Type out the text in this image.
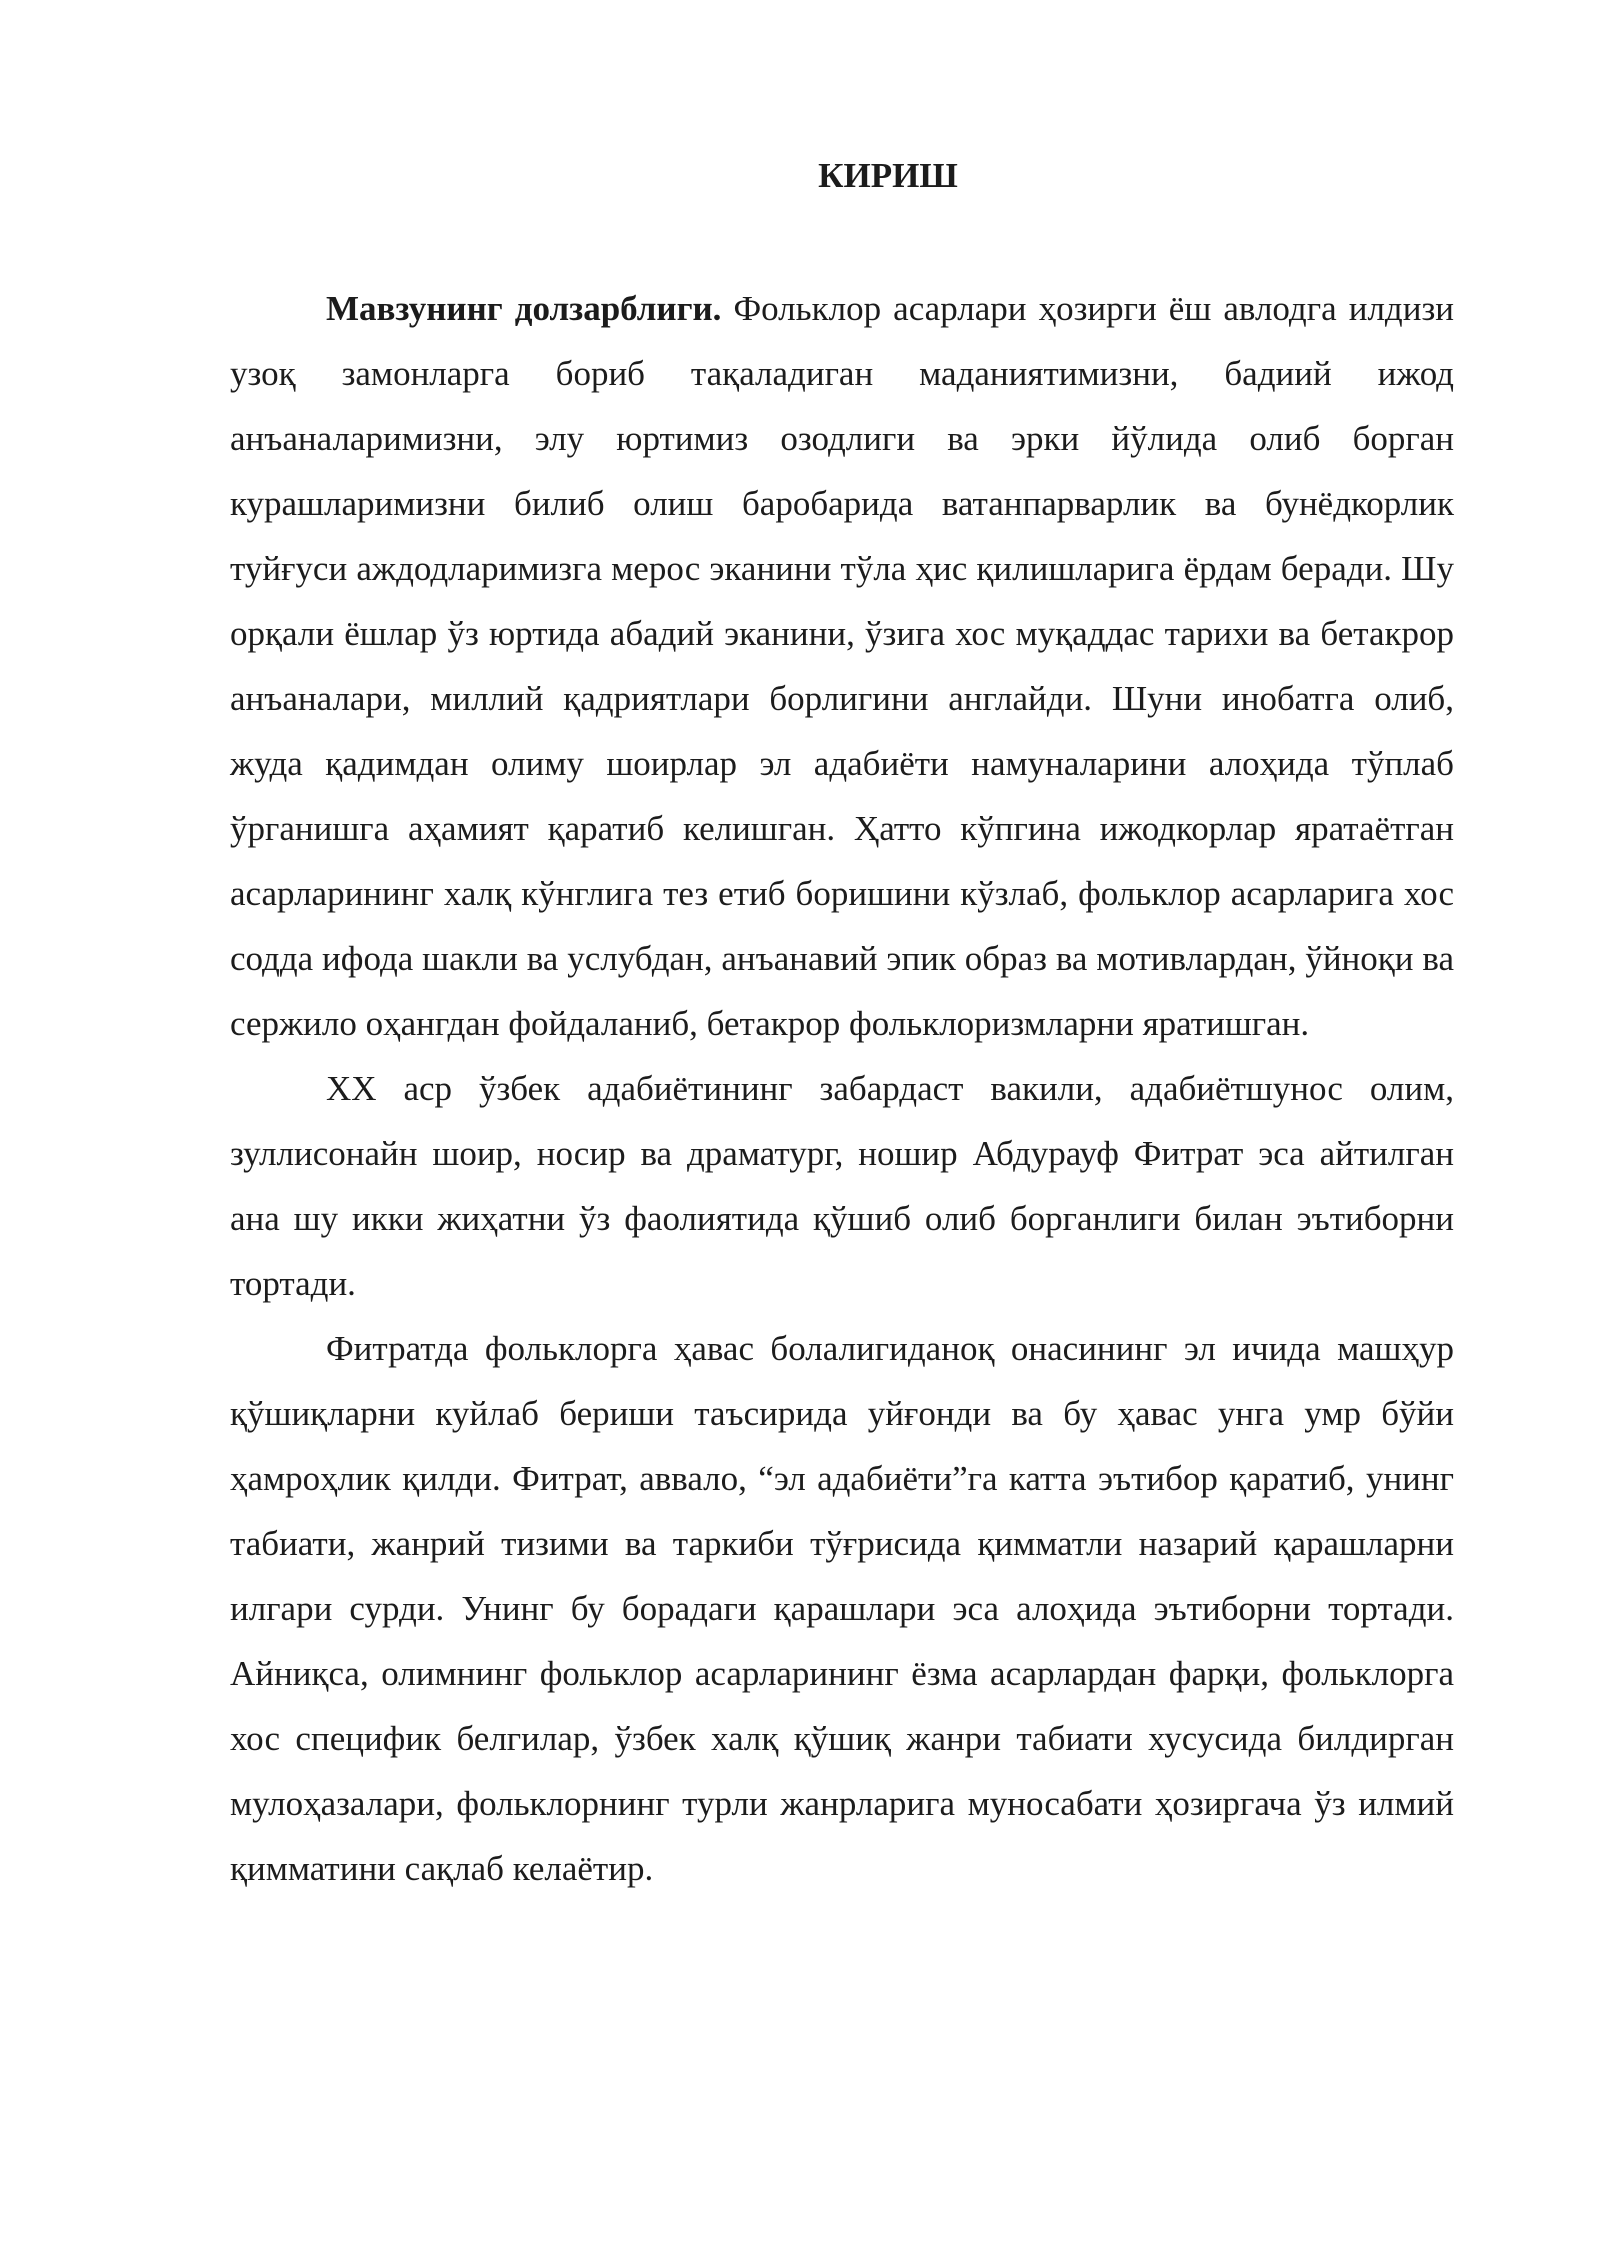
КИРИШ

Мавзунинг долзарблиги. Фольклор асарлари ҳозирги ёш авлодга илдизи узоқ замонларга бориб тақаладиган маданиятимизни, бадиий ижод анъаналаримизни, элу юртимиз озодлиги ва эрки йўлида олиб борган курашларимизни билиб олиш баробарида ватанпарварлик ва бунёдкорлик туйғуси аждодларимизга мерос эканини тўла ҳис қилишларига ёрдам беради. Шу орқали ёшлар ўз юртида абадий эканини, ўзига хос муқаддас тарихи ва бетакрор анъаналари, миллий қадриятлари борлигини англайди. Шуни инобатга олиб, жуда қадимдан олиму шоирлар эл адабиёти намуналарини алоҳида тўплаб ўрганишга аҳамият қаратиб келишган. Ҳатто кўпгина ижодкорлар яратаётган асарларининг халқ кўнглига тез етиб боришини кўзлаб, фольклор асарларига хос содда ифода шакли ва услубдан, анъанавий эпик образ ва мотивлардан, ўйноқи ва сержило оҳангдан фойдаланиб, бетакрор фольклоризмларни яратишган.

XX аср ўзбек адабиётининг забардаст вакили, адабиётшунос олим, зуллисонайн шоир, носир ва драматург, ношир Абдурауф Фитрат эса айтилган ана шу икки жиҳатни ўз фаолиятида қўшиб олиб борганлиги билан эътиборни тортади.

Фитратда фольклорга ҳавас болалигиданоқ онасининг эл ичида машҳур қўшиқларни куйлаб бериши таъсирида уйғонди ва бу ҳавас унга умр бўйи ҳамроҳлик қилди. Фитрат, аввало, “эл адабиёти”га катта эътибор қаратиб, унинг табиати, жанрий тизими ва таркиби тўғрисида қимматли назарий қарашларни илгари сурди. Унинг бу борадаги қарашлари эса алоҳида эътиборни тортади. Айниқса, олимнинг фольклор асарларининг ёзма асарлардан фарқи, фольклорга хос специфик белгилар, ўзбек халқ қўшиқ жанри табиати хусусида билдирган мулоҳазалари, фольклорнинг турли жанрларига муносабати ҳозиргача ўз илмий қимматини сақлаб келаётир.
